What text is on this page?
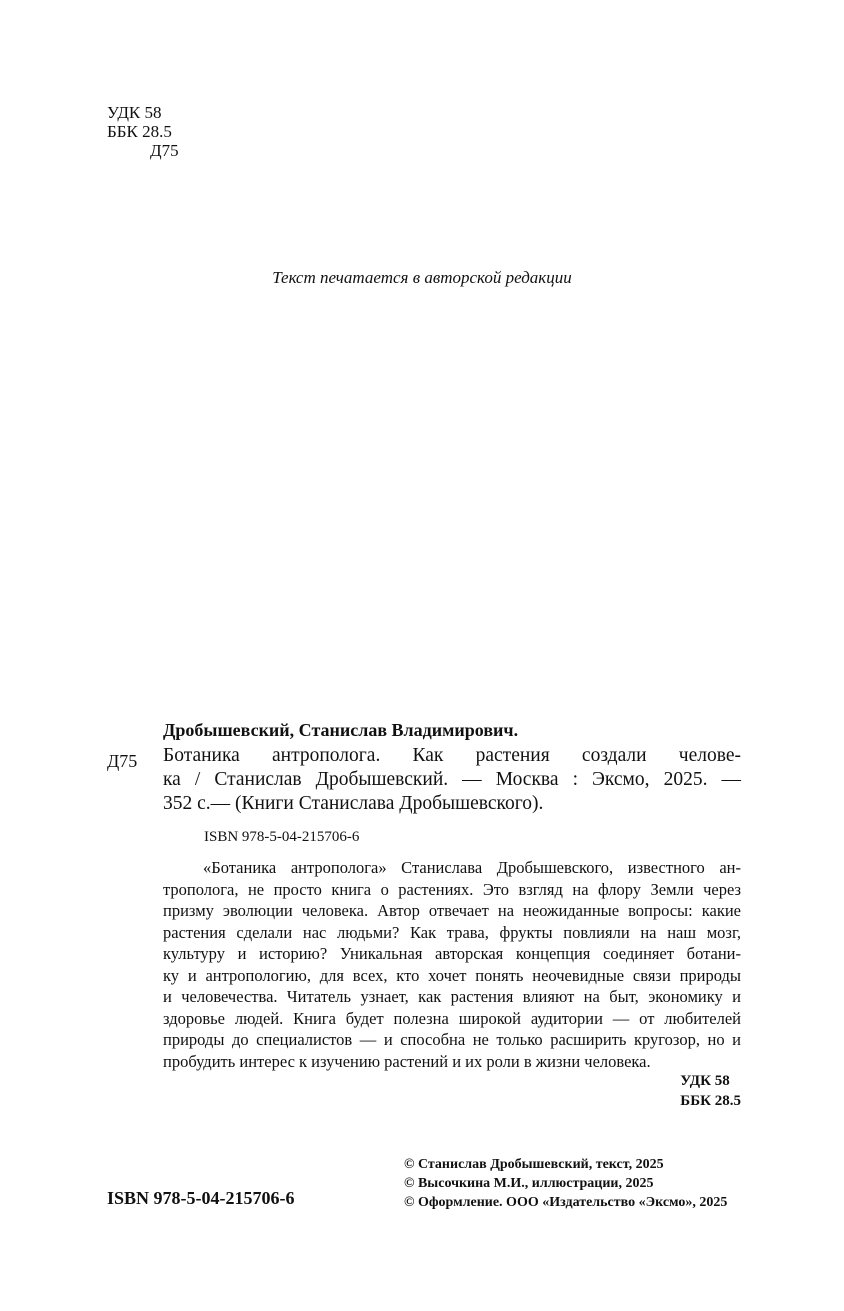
УДК 58
ББК 28.5
Д75
Текст печатается в авторской редакции
Дробышевский, Станислав Владимирович.
Д75 Ботаника антрополога. Как растения создали челове-
ка / Станислав Дробышевский. — Москва : Эксмо, 2025. —
352 с.— (Книги Станислава Дробышевского).
ISBN 978-5-04-215706-6
«Ботаника антрополога» Станислава Дробышевского, известного ан-
трополога, не просто книга о растениях. Это взгляд на флору Земли через
призму эволюции человека. Автор отвечает на неожиданные вопросы: какие
растения сделали нас людьми? Как трава, фрукты повлияли на наш мозг,
культуру и историю? Уникальная авторская концепция соединяет ботани-
ку и антропологию, для всех, кто хочет понять неочевидные связи природы
и человечества. Читатель узнает, как растения влияют на быт, экономику и
здоровье людей. Книга будет полезна широкой аудитории — от любителей
природы до специалистов — и способна не только расширить кругозор, но и
пробудить интерес к изучению растений и их роли в жизни человека.
УДК 58
ББК 28.5
© Станислав Дробышевский, текст, 2025
© Высочкина М.И., иллюстрации, 2025
© Оформление. ООО «Издательство «Эксмо», 2025
ISBN 978-5-04-215706-6
